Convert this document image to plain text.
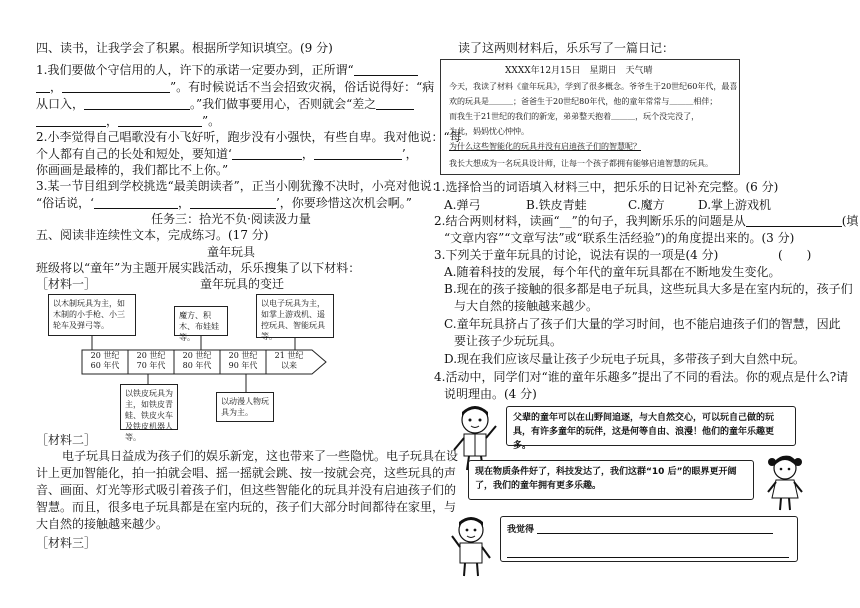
四、读书，让我学会了积累。根据所学知识填空。(9 分)
1.我们要做个守信用的人，许下的承诺一定要办到，正所谓“
，	”。有时候说话不当会招致灾祸，俗话说得好：“病
从口入，	。”我们做事要用心，否则就会“差之
，	”。
2.小李觉得自己唱歌没有小飞好听，跑步没有小强快，有些自卑。我对他说：“每
个人都有自己的长处和短处，要知道‘	，	’，
你画画是最棒的，我们都比不上你。”
3.某一节目组到学校挑选“最美朗读者”，正当小刚犹豫不决时，小亮对他说：
“俗话说，‘	，	’，你要珍惜这次机会啊。”
任务三：拾光不负·阅读汲力量
五、阅读非连续性文本，完成练习。(17 分)
童年玩具
班级将以“童年”为主题开展实践活动，乐乐搜集了以下材料：
［材料一］	童年玩具的变迁
以木制玩具为主，如木制的小手枪、小三轮车及弹弓等。
魔方、积木、布娃娃等。
以电子玩具为主，如掌上游戏机、遥控玩具、智能玩具等。
20 世纪
60 年代
20 世纪
70 年代
20 世纪
80 年代
20 世纪
90 年代
21 世纪
以来
以铁皮玩具为主，如铁皮青蛙、铁皮火车及铁皮机器人等。
以动漫人物玩具为主。
［材料二］
电子玩具日益成为孩子们的娱乐新宠，这也带来了一些隐忧。电子玩具在设
计上更加智能化，拍一拍就会唱、摇一摇就会跳、按一按就会亮，这些玩具的声
音、画面、灯光等形式吸引着孩子们，但这些智能化的玩具并没有启迪孩子们的
智慧。而且，很多电子玩具都是在室内玩的，孩子们大部分时间都待在家里，与
大自然的接触越来越少。
［材料三］
读了这两则材料后，乐乐写了一篇日记：
XXXX年12月15日　星期日　天气晴
今天，我读了材料《童年玩具》，学到了很多概念。爷爷生于20世纪60年代，最喜
欢的玩具是＿＿＿；爸爸生于20世纪80年代，他的童年常常与＿＿＿相伴；
而我生于21世纪的我们的新宠，弟弟整天抱着＿＿＿，玩个没完没了，
为此，妈妈忧心忡忡。
为什么这些智能化的玩具并没有启迪孩子们的智慧呢？
我长大想成为一名玩具设计师，让每一个孩子都拥有能够启迪智慧的玩具。
1.选择恰当的词语填入材料三中，把乐乐的日记补充完整。(6 分)
A.弹弓	B.铁皮青蛙	C.魔方	D.掌上游戏机
2.结合两则材料，读画“__”的句子，我判断乐乐的问题是从	(填
“文章内容”“文章写法”或“联系生活经验”)的角度提出来的。(3 分)
3.下列关于童年玩具的讨论，说法有误的一项是(4 分)	(　　)
A.随着科技的发展，每个年代的童年玩具都在不断地发生变化。
B.现在的孩子接触的很多都是电子玩具，这些玩具大多是在室内玩的，孩子们
与大自然的接触越来越少。
C.童年玩具挤占了孩子们大量的学习时间，也不能启迪孩子们的智慧，因此
要让孩子少玩玩具。
D.现在我们应该尽量让孩子少玩电子玩具，多带孩子到大自然中玩。
4.活动中，同学们对“谁的童年乐趣多”提出了不同的看法。你的观点是什么?请
说明理由。(4 分)
父辈的童年可以在山野间追逐，与大自然交心，可以玩自己做的玩具，有许多童年的玩伴，这是何等自由、浪漫！他们的童年乐趣更多。
现在物质条件好了，科技发达了，我们这群“10 后”的眼界更开阔了，我们的童年拥有更多乐趣。
我觉得
